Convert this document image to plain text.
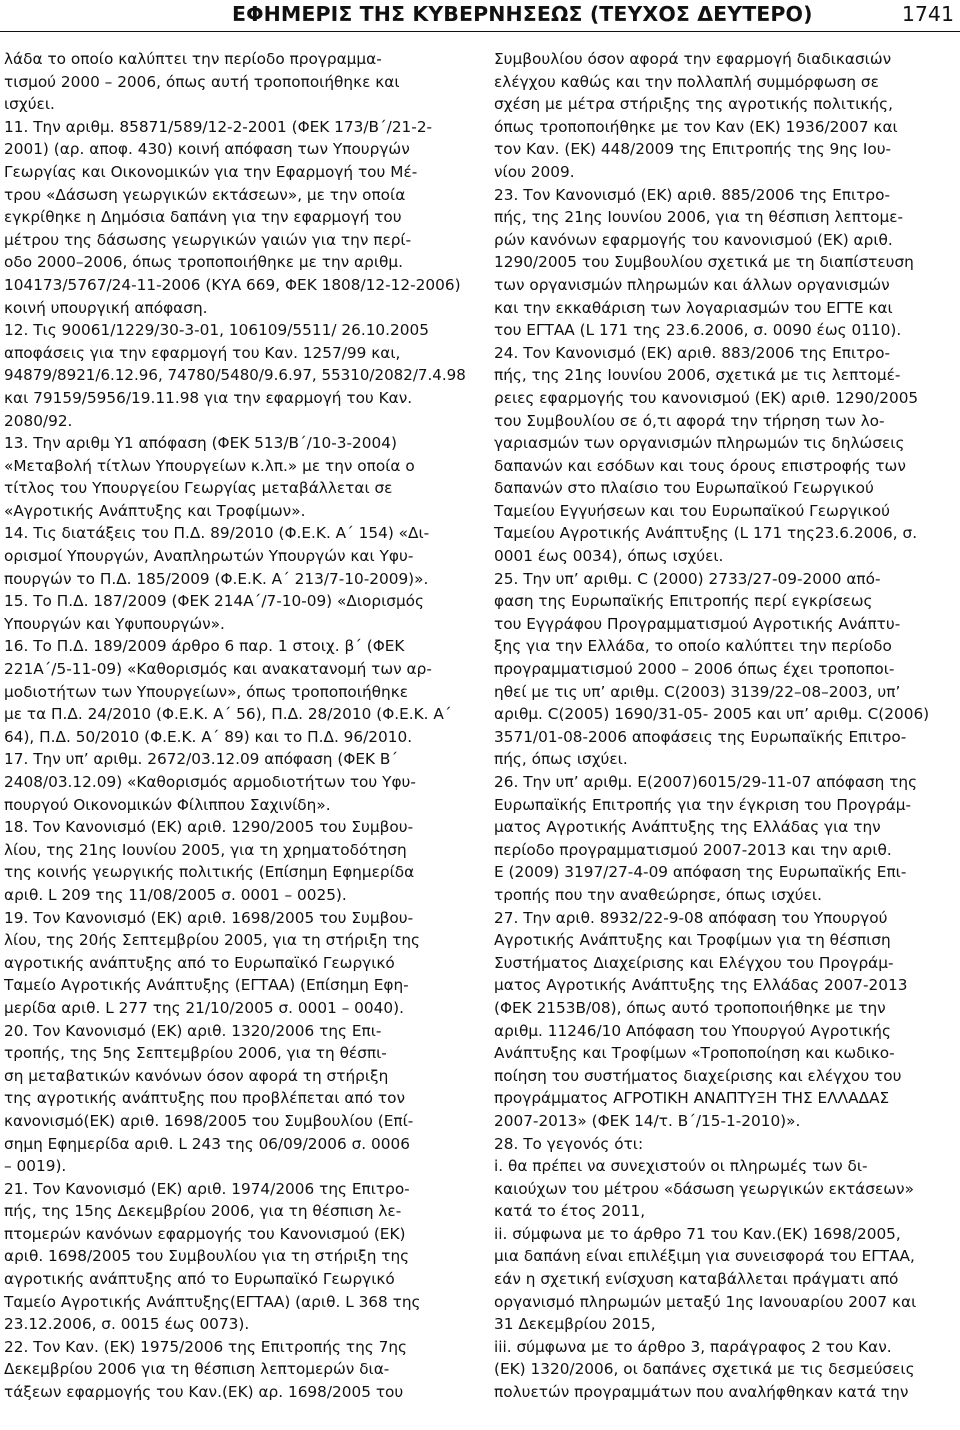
ΕΦΗΜΕΡΙΣ ΤΗΣ ΚΥΒΕΡΝΗΣΕΩΣ (ΤΕΥΧΟΣ ΔΕΥΤΕΡΟ)	1741
λάδα το οποίο καλύπτει την περίοδο προγραμμα-
τισμού 2000 – 2006, όπως αυτή τροποποιήθηκε και
ισχύει.
11. Την αριθμ. 85871/589/12-2-2001 (ΦΕΚ 173/Β΄/21-2-
2001) (αρ. αποφ. 430) κοινή απόφαση των Υπουργών
Γεωργίας και Οικονομικών για την Εφαρμογή του Μέ-
τρου «Δάσωση γεωργικών εκτάσεων», με την οποία
εγκρίθηκε η Δημόσια δαπάνη για την εφαρμογή του
μέτρου της δάσωσης γεωργικών γαιών για την περί-
οδο 2000–2006, όπως τροποποιήθηκε με την αριθμ.
104173/5767/24-11-2006 (ΚΥΑ 669, ΦΕΚ 1808/12-12-2006)
κοινή υπουργική απόφαση.
12. Τις 90061/1229/30-3-01, 106109/5511/ 26.10.2005
αποφάσεις για την εφαρμογή του Καν. 1257/99 και,
94879/8921/6.12.96, 74780/5480/9.6.97, 55310/2082/7.4.98
και 79159/5956/19.11.98 για την εφαρμογή του Καν.
2080/92.
13. Την αριθμ Υ1 απόφαση (ΦΕΚ 513/Β΄/10-3-2004)
«Μεταβολή τίτλων Υπουργείων κ.λπ.» με την οποία ο
τίτλος του Υπουργείου Γεωργίας μεταβάλλεται σε
«Αγροτικής Ανάπτυξης και Τροφίμων».
14. Τις διατάξεις του Π.Δ. 89/2010 (Φ.Ε.Κ. Α΄ 154) «Δι-
ορισμοί Υπουργών, Αναπληρωτών Υπουργών και Υφυ-
πουργών το Π.Δ. 185/2009 (Φ.Ε.Κ. Α΄ 213/7-10-2009)».
15. Το Π.Δ. 187/2009 (ΦΕΚ 214Α΄/7-10-09) «Διορισμός
Υπουργών και Υφυπουργών».
16. Το Π.Δ. 189/2009 άρθρο 6 παρ. 1 στοιχ. β΄ (ΦΕΚ
221Α΄/5-11-09) «Καθορισμός και ανακατανομή των αρ-
μοδιοτήτων των Υπουργείων», όπως τροποποιήθηκε
με τα Π.Δ. 24/2010 (Φ.Ε.Κ. Α΄ 56), Π.Δ. 28/2010 (Φ.Ε.Κ. Α΄
64), Π.Δ. 50/2010 (Φ.Ε.Κ. Α΄ 89) και το Π.Δ. 96/2010.
17. Την υπ’ αριθμ. 2672/03.12.09 απόφαση (ΦΕΚ Β΄
2408/03.12.09) «Καθορισμός αρμοδιοτήτων του Υφυ-
πουργού Οικονομικών Φίλιππου Σαχινίδη».
18. Τον Κανονισμό (ΕΚ) αριθ. 1290/2005 του Συμβου-
λίου, της 21ης Ιουνίου 2005, για τη χρηματοδότηση
της κοινής γεωργικής πολιτικής (Επίσημη Εφημερίδα
αριθ. L 209 της 11/08/2005 σ. 0001 – 0025).
19. Τον Κανονισμό (ΕΚ) αριθ. 1698/2005 του Συμβου-
λίου, της 20ής Σεπτεμβρίου 2005, για τη στήριξη της
αγροτικής ανάπτυξης από το Ευρωπαϊκό Γεωργικό
Ταμείο Αγροτικής Ανάπτυξης (ΕΓΤΑΑ) (Επίσημη Εφη-
μερίδα αριθ. L 277 της 21/10/2005 σ. 0001 – 0040).
20. Τον Κανονισμό (ΕΚ) αριθ. 1320/2006 της Επι-
τροπής, της 5ης Σεπτεμβρίου 2006, για τη θέσπι-
ση μεταβατικών κανόνων όσον αφορά τη στήριξη
της αγροτικής ανάπτυξης που προβλέπεται από τον
κανονισμό(ΕΚ) αριθ. 1698/2005 του Συμβουλίου (Επί-
σημη Εφημερίδα αριθ. L 243 της 06/09/2006 σ. 0006
– 0019).
21. Τον Κανονισμό (ΕΚ) αριθ. 1974/2006 της Επιτρο-
πής, της 15ης Δεκεμβρίου 2006, για τη θέσπιση λε-
πτομερών κανόνων εφαρμογής του Κανονισμού (ΕΚ)
αριθ. 1698/2005 του Συμβουλίου για τη στήριξη της
αγροτικής ανάπτυξης από το Ευρωπαϊκό Γεωργικό
Ταμείο Αγροτικής Ανάπτυξης(ΕΓΤΑΑ) (αριθ. L 368 της
23.12.2006, σ. 0015 έως 0073).
22. Τον Καν. (ΕΚ) 1975/2006 της Επιτροπής της 7ης
Δεκεμβρίου 2006 για τη θέσπιση λεπτομερών δια-
τάξεων εφαρμογής του Καν.(ΕΚ) αρ. 1698/2005 του
Συμβουλίου όσον αφορά την εφαρμογή διαδικασιών
ελέγχου καθώς και την πολλαπλή συμμόρφωση σε
σχέση με μέτρα στήριξης της αγροτικής πολιτικής,
όπως τροποποιήθηκε με τον Καν (ΕΚ) 1936/2007 και
τον Καν. (ΕΚ) 448/2009 της Επιτροπής της 9ης Ιου-
νίου 2009.
23. Τον Κανονισμό (ΕΚ) αριθ. 885/2006 της Επιτρο-
πής, της 21ης Ιουνίου 2006, για τη θέσπιση λεπτομε-
ρών κανόνων εφαρμογής του κανονισμού (ΕΚ) αριθ.
1290/2005 του Συμβουλίου σχετικά με τη διαπίστευση
των οργανισμών πληρωμών και άλλων οργανισμών
και την εκκαθάριση των λογαριασμών του ΕΓΤΕ και
του ΕΓΤΑΑ (L 171 της 23.6.2006, σ. 0090 έως 0110).
24. Τον Κανονισμό (ΕΚ) αριθ. 883/2006 της Επιτρο-
πής, της 21ης Ιουνίου 2006, σχετικά με τις λεπτομέ-
ρειες εφαρμογής του κανονισμού (ΕΚ) αριθ. 1290/2005
του Συμβουλίου σε ό,τι αφορά την τήρηση των λο-
γαριασμών των οργανισμών πληρωμών τις δηλώσεις
δαπανών και εσόδων και τους όρους επιστροφής των
δαπανών στο πλαίσιο του Ευρωπαϊκού Γεωργικού
Ταμείου Εγγυήσεων και του Ευρωπαϊκού Γεωργικού
Ταμείου Αγροτικής Ανάπτυξης (L 171 της23.6.2006, σ.
0001 έως 0034), όπως ισχύει.
25. Την υπ’ αριθμ. C (2000) 2733/27-09-2000 από-
φαση της Ευρωπαϊκής Επιτροπής περί εγκρίσεως
του Εγγράφου Προγραμματισμού Αγροτικής Ανάπτυ-
ξης για την Ελλάδα, το οποίο καλύπτει την περίοδο
προγραμματισμού 2000 – 2006 όπως έχει τροποποι-
ηθεί με τις υπ’ αριθμ. C(2003) 3139/22–08–2003, υπ’
αριθμ. C(2005) 1690/31-05- 2005 και υπ’ αριθμ. C(2006)
3571/01-08-2006 αποφάσεις της Ευρωπαϊκής Επιτρο-
πής, όπως ισχύει.
26. Την υπ’ αριθμ. Ε(2007)6015/29-11-07 απόφαση της
Ευρωπαϊκής Επιτροπής για την έγκριση του Προγράμ-
ματος Αγροτικής Ανάπτυξης της Ελλάδας για την
περίοδο προγραμματισμού 2007-2013 και την αριθ.
Ε (2009) 3197/27-4-09 απόφαση της Ευρωπαϊκής Επι-
τροπής που την αναθεώρησε, όπως ισχύει.
27. Την αριθ. 8932/22-9-08 απόφαση του Υπουργού
Αγροτικής Ανάπτυξης και Τροφίμων για τη θέσπιση
Συστήματος Διαχείρισης και Ελέγχου του Προγράμ-
ματος Αγροτικής Ανάπτυξης της Ελλάδας 2007-2013
(ΦΕΚ 2153Β/08), όπως αυτό τροποποιήθηκε με την
αριθμ. 11246/10 Απόφαση του Υπουργού Αγροτικής
Ανάπτυξης και Τροφίμων «Τροποποίηση και κωδικο-
ποίηση του συστήματος διαχείρισης και ελέγχου του
προγράμματος ΑΓΡΟΤΙΚΗ ΑΝΑΠΤΥΞΗ ΤΗΣ ΕΛΛΑΔΑΣ
2007-2013» (ΦΕΚ 14/τ. Β΄/15-1-2010)».
28. Το γεγονός ότι:
i. θα πρέπει να συνεχιστούν οι πληρωμές των δι-
καιούχων του μέτρου «δάσωση γεωργικών εκτάσεων»
κατά το έτος 2011,
ii. σύμφωνα με το άρθρο 71 του Καν.(ΕΚ) 1698/2005,
μια δαπάνη είναι επιλέξιμη για συνεισφορά του ΕΓΤΑΑ,
εάν η σχετική ενίσχυση καταβάλλεται πράγματι από
οργανισμό πληρωμών μεταξύ 1ης Ιανουαρίου 2007 και
31 Δεκεμβρίου 2015,
iii. σύμφωνα με το άρθρο 3, παράγραφος 2 του Καν.
(ΕΚ) 1320/2006, οι δαπάνες σχετικά με τις δεσμεύσεις
πολυετών προγραμμάτων που αναλήφθηκαν κατά την
